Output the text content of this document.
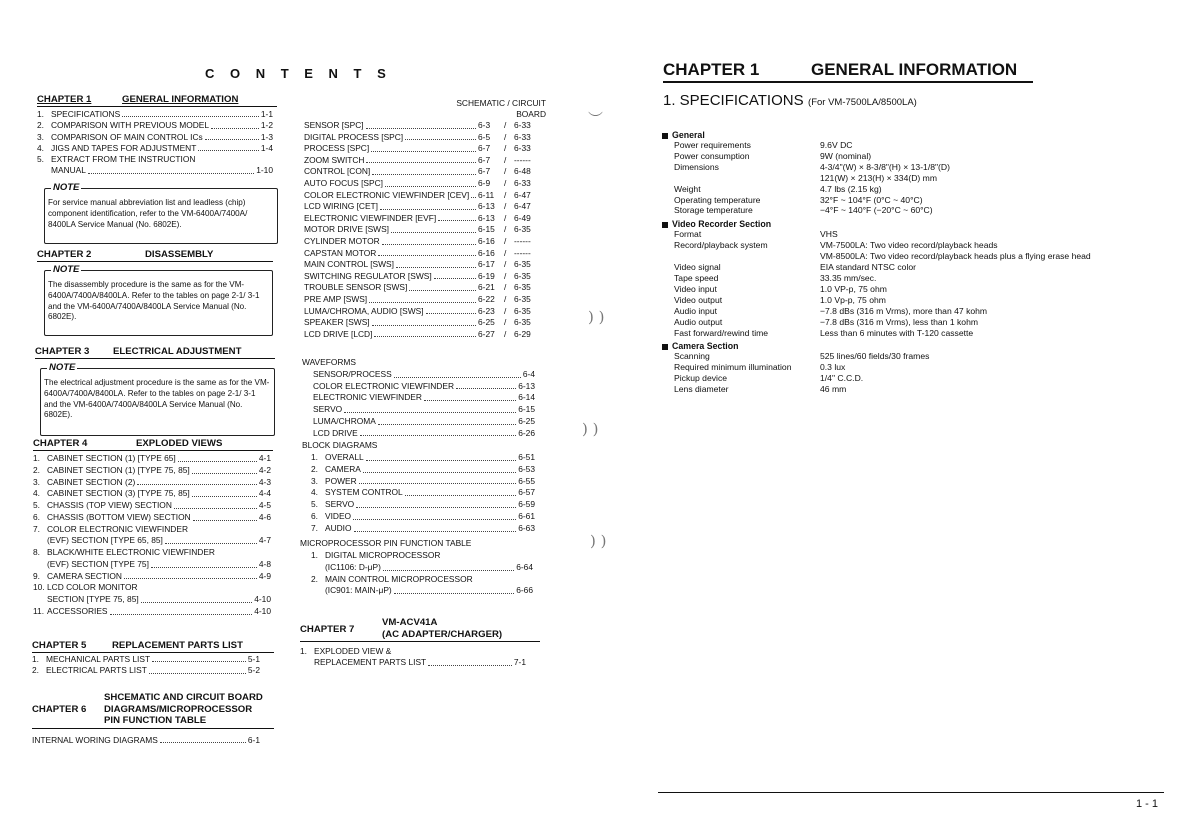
C O N T E N T S
CHAPTER 1	GENERAL INFORMATION
1. SPECIFICATIONS	1-1
2. COMPARISON WITH PREVIOUS MODEL	1-2
3. COMPARISON OF MAIN CONTROL ICs	1-3
4. JIGS AND TAPES FOR ADJUSTMENT	1-4
5. EXTRACT FROM THE INSTRUCTION
MANUAL	1-10
NOTE
For service manual abbreviation list and leadless (chip) component identification, refer to the VM-6400A/7400A/ 8400LA Service Manual (No. 6802E).
CHAPTER 2	DISASSEMBLY
NOTE
The disassembly procedure is the same as for the VM-6400A/7400A/8400LA. Refer to the tables on page 2-1/ 3-1 and the VM-6400A/7400A/8400LA Service Manual (No. 6802E).
CHAPTER 3	ELECTRICAL ADJUSTMENT
NOTE
The electrical adjustment procedure is the same as for the VM-6400A/7400A/8400LA. Refer to the tables on page 2-1/ 3-1 and the VM-6400A/7400A/8400LA Service Manual (No. 6802E).
CHAPTER 4	EXPLODED VIEWS
1. CABINET SECTION (1) [TYPE 65]	4-1
2. CABINET SECTION (1) [TYPE 75, 85]	4-2
3. CABINET SECTION (2)	4-3
4. CABINET SECTION (3) [TYPE 75, 85]	4-4
5. CHASSIS (TOP VIEW) SECTION	4-5
6. CHASSIS (BOTTOM VIEW) SECTION	4-6
7. COLOR ELECTRONIC VIEWFINDER
(EVF) SECTION [TYPE 65, 85]	4-7
8. BLACK/WHITE ELECTRONIC VIEWFINDER
(EVF) SECTION [TYPE 75]	4-8
9. CAMERA SECTION	4-9
10. LCD COLOR MONITOR
SECTION [TYPE 75, 85]	4-10
11. ACCESSORIES	4-10
CHAPTER 5	REPLACEMENT PARTS LIST
1. MECHANICAL PARTS LIST	5-1
2. ELECTRICAL PARTS LIST	5-2
SHCEMATIC AND CIRCUIT BOARD
CHAPTER 6	DIAGRAMS/MICROPROCESSOR
PIN FUNCTION TABLE
INTERNAL WORING DIAGRAMS	6-1
SCHEMATIC / CIRCUIT
BOARD
SENSOR [SPC]	6-3	/ 6-33
DIGITAL PROCESS [SPC]	6-5	/ 6-33
PROCESS [SPC]	6-7	/ 6-33
ZOOM SWITCH	6-7	/ ------
CONTROL [CON]	6-7	/ 6-48
AUTO FOCUS [SPC]	6-9	/ 6-33
COLOR ELECTRONIC VIEWFINDER [CEV] 6-11	/ 6-47
LCD WIRING [CET]	6-13	/ 6-47
ELECTRONIC VIEWFINDER [EVF]	6-13	/ 6-49
MOTOR DRIVE [SWS]	6-15	/ 6-35
CYLINDER MOTOR	6-16	/ ------
CAPSTAN MOTOR	6-16	/ ------
MAIN CONTROL [SWS]	6-17	/ 6-35
SWITCHING REGULATOR [SWS]	6-19	/ 6-35
TROUBLE SENSOR [SWS]	6-21	/ 6-35
PRE AMP [SWS]	6-22	/ 6-35
LUMA/CHROMA, AUDIO [SWS]	6-23	/ 6-35
SPEAKER [SWS]	6-25	/ 6-35
LCD DRIVE [LCD]	6-27	/ 6-29
WAVEFORMS
SENSOR/PROCESS	6-4
COLOR ELECTRONIC VIEWFINDER	6-13
ELECTRONIC VIEWFINDER	6-14
SERVO	6-15
LUMA/CHROMA	6-25
LCD DRIVE	6-26
BLOCK DIAGRAMS
1. OVERALL	6-51
2. CAMERA	6-53
3. POWER	6-55
4. SYSTEM CONTROL	6-57
5. SERVO	6-59
6. VIDEO	6-61
7. AUDIO	6-63
MICROPROCESSOR PIN FUNCTION TABLE
1. DIGITAL MICROPROCESSOR
(IC1106: D-μP)	6-64
2. MAIN CONTROL MICROPROCESSOR
(IC901: MAIN-μP)	6-66
VM-ACV41A
CHAPTER 7	(AC ADAPTER/CHARGER)
1. EXPLODED VIEW &
REPLACEMENT PARTS LIST	7-1
︶
) )
) )
) )
CHAPTER 1	GENERAL INFORMATION
1. SPECIFICATIONS (For VM-7500LA/8500LA)
General
Power requirements	9.6V DC
Power consumption	9W (nominal)
Dimensions	4-3/4"(W) × 8-3/8"(H) × 13-1/8"(D)
121(W) × 213(H) × 334(D) mm
Weight	4.7 lbs (2.15 kg)
Operating temperature	32°F ~ 104°F (0°C ~ 40°C)
Storage temperature	−4°F ~ 140°F (−20°C ~ 60°C)
Video Recorder Section
Format	VHS
Record/playback system	VM-7500LA: Two video record/playback heads
VM-8500LA: Two video record/playback heads plus a flying erase head
Video signal	EIA standard NTSC color
Tape speed	33.35 mm/sec.
Video input	1.0 VP-p, 75 ohm
Video output	1.0 Vp-p, 75 ohm
Audio input	−7.8 dBs (316 m Vrms), more than 47 kohm
Audio output	−7.8 dBs (316 m Vrms), less than 1 kohm
Fast forward/rewind time	Less than 6 minutes with T-120 cassette
Camera Section
Scanning	525 lines/60 fields/30 frames
Required minimum illumination	0.3 lux
Pickup device	1/4" C.C.D.
Lens diameter	46 mm
1 - 1
